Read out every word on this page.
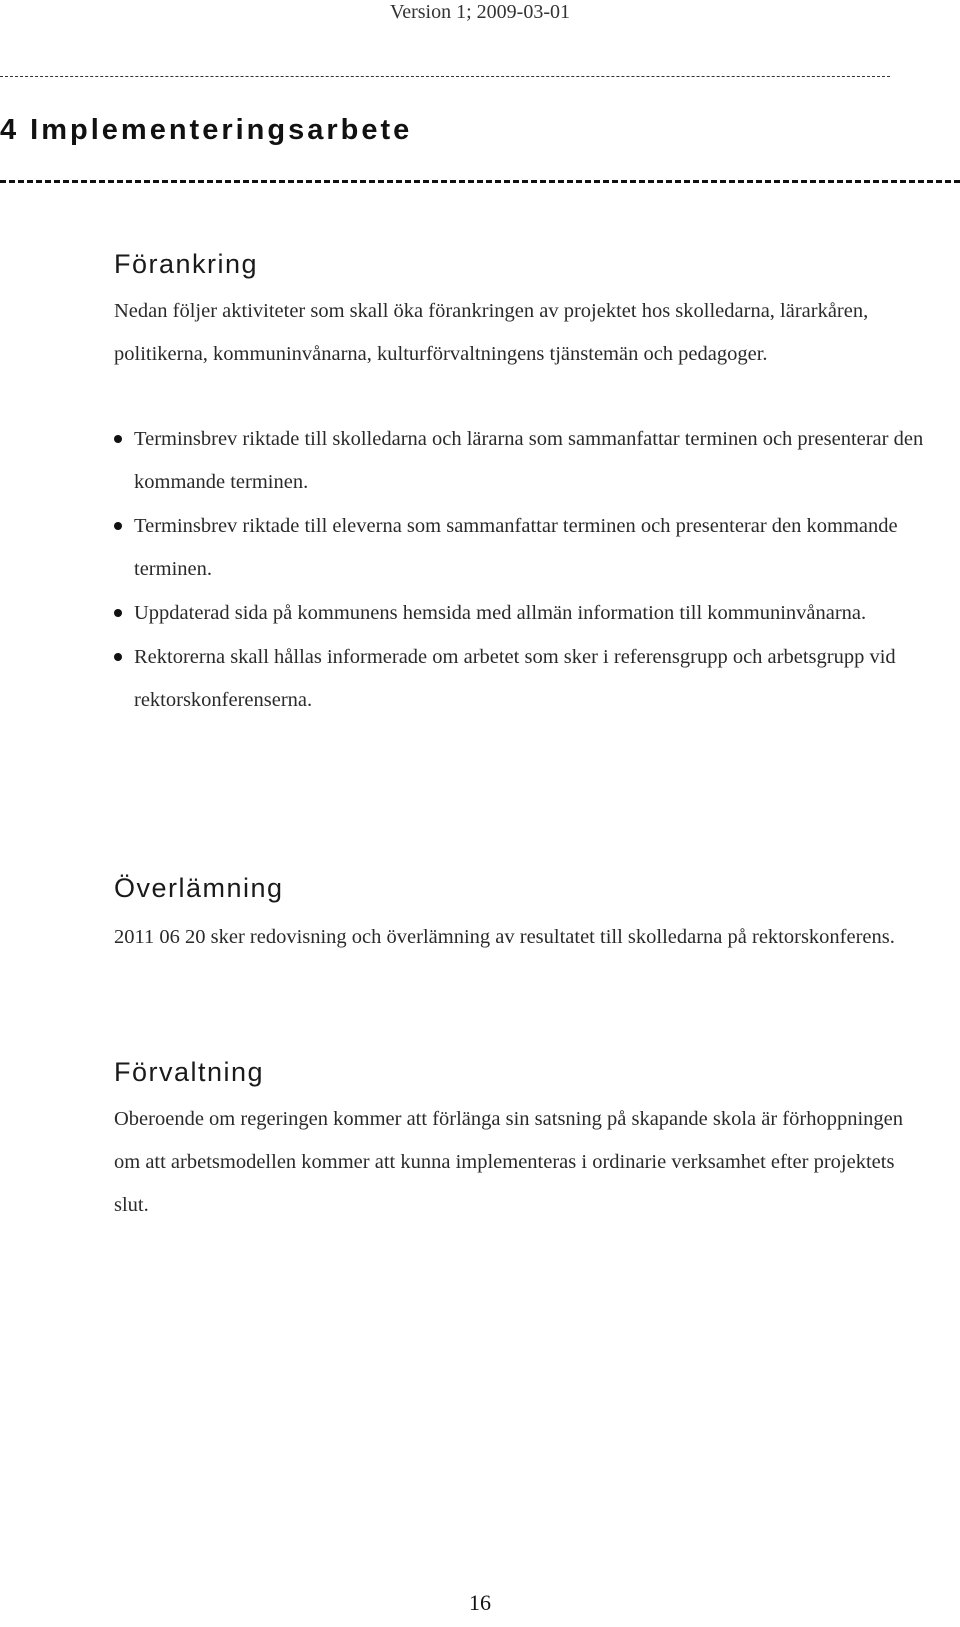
Version 1; 2009-03-01
4 Implementeringsarbete
Förankring
Nedan följer aktiviteter som skall öka förankringen av projektet hos skolledarna, lärarkåren, politikerna, kommuninvånarna, kulturförvaltningens tjänstemän och pedagoger.
Terminsbrev riktade till skolledarna och lärarna som sammanfattar terminen och presenterar den kommande terminen.
Terminsbrev riktade till eleverna som sammanfattar terminen och presenterar den kommande terminen.
Uppdaterad sida på kommunens hemsida med allmän information till kommuninvånarna.
Rektorerna skall hållas informerade om arbetet som sker i referensgrupp och arbetsgrupp vid rektorskonferenserna.
Överlämning
2011 06 20 sker redovisning och överlämning av resultatet till skolledarna på rektorskonferens.
Förvaltning
Oberoende om regeringen kommer att förlänga sin satsning på skapande skola är förhoppningen om att arbetsmodellen kommer att kunna implementeras i ordinarie verksamhet efter projektets slut.
16
